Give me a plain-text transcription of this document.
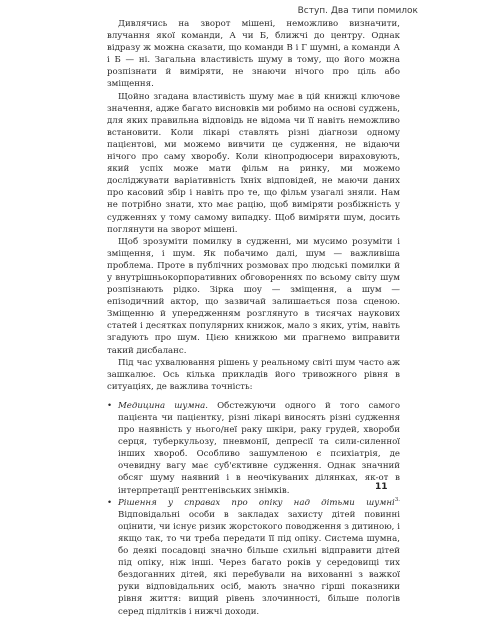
Вступ. Два типи помилок

Дивлячись на зворот мішені, неможливо визначити, влучання якої команди, А чи Б, ближчі до центру. Однак відразу ж можна сказати, що команди В і Г шумні, а команди А і Б — ні. Загальна властивість шуму в тому, що його можна розпізнати й виміряти, не знаючи нічого про ціль або зміщення.

Щойно згадана властивість шуму має в цій книжці ключове значення, адже багато висновків ми робимо на основі суджень, для яких правильна відповідь не відома чи її навіть неможливо встановити. Коли лікарі ставлять різні діагнози одному пацієнтові, ми можемо вивчити це судження, не відаючи нічого про саму хворобу. Коли кінопродюсери вираховують, який успіх може мати фільм на ринку, ми можемо досліджувати варіативність їхніх відповідей, не маючи даних про касовий збір і навіть про те, що фільм узагалі зняли. Нам не потрібно знати, хто має рацію, щоб виміряти розбіжність у судженнях у тому самому випадку. Щоб виміряти шум, досить поглянути на зворот мішені.

Щоб зрозуміти помилку в судженні, ми мусимо розуміти і зміщення, і шум. Як побачимо далі, шум — важливіша проблема. Проте в публічних розмовах про людські помилки й у внутрішньокорпоративних обговореннях по всьому світу шум розпізнають рідко. Зірка шоу — зміщення, а шум — епізодичний актор, що зазвичай залишається поза сценою. Зміщенню й упередженням розглянуто в тисячах наукових статей і десятках популярних книжок, мало з яких, утім, навіть згадують про шум. Цією книжкою ми прагнемо виправити такий дисбаланс.

Під час ухвалювання рішень у реальному світі шум часто аж зашкалює. Ось кілька прикладів його тривожного рівня в ситуаціях, де важлива точність:

• Медицина шумна. Обстежуючи одного й того самого пацієнта чи пацієнтку, різні лікарі виносять різні судження про наявність у нього/неї раку шкіри, раку грудей, хвороби серця, туберкульозу, пневмонії, депресії та сили-силенної інших хвороб. Особливо зашумленою є психіатрія, де очевидну вагу має суб'єктивне судження. Однак значний обсяг шуму наявний і в неочікуваних ділянках, як-от в інтерпретації рентгенівських знімків.
• Рішення у справах про опіку над дітьми шумні$^{3.}$ Відповідальні особи в закладах захисту дітей повинні оцінити, чи існує ризик жорстокого поводження з дитиною, і якщо так, то чи треба передати її під опіку. Система шумна, бо деякі посадовці значно більше схильні відправити дітей під опіку, ніж інші. Через багато років у середовищі тих бездоганних дітей, які перебували на вихованні з важкої руки відповідальних осіб, мають значно гірші показники рівня життя: вищий рівень злочинності, більше пологів серед підлітків і нижчі доходи.
11
